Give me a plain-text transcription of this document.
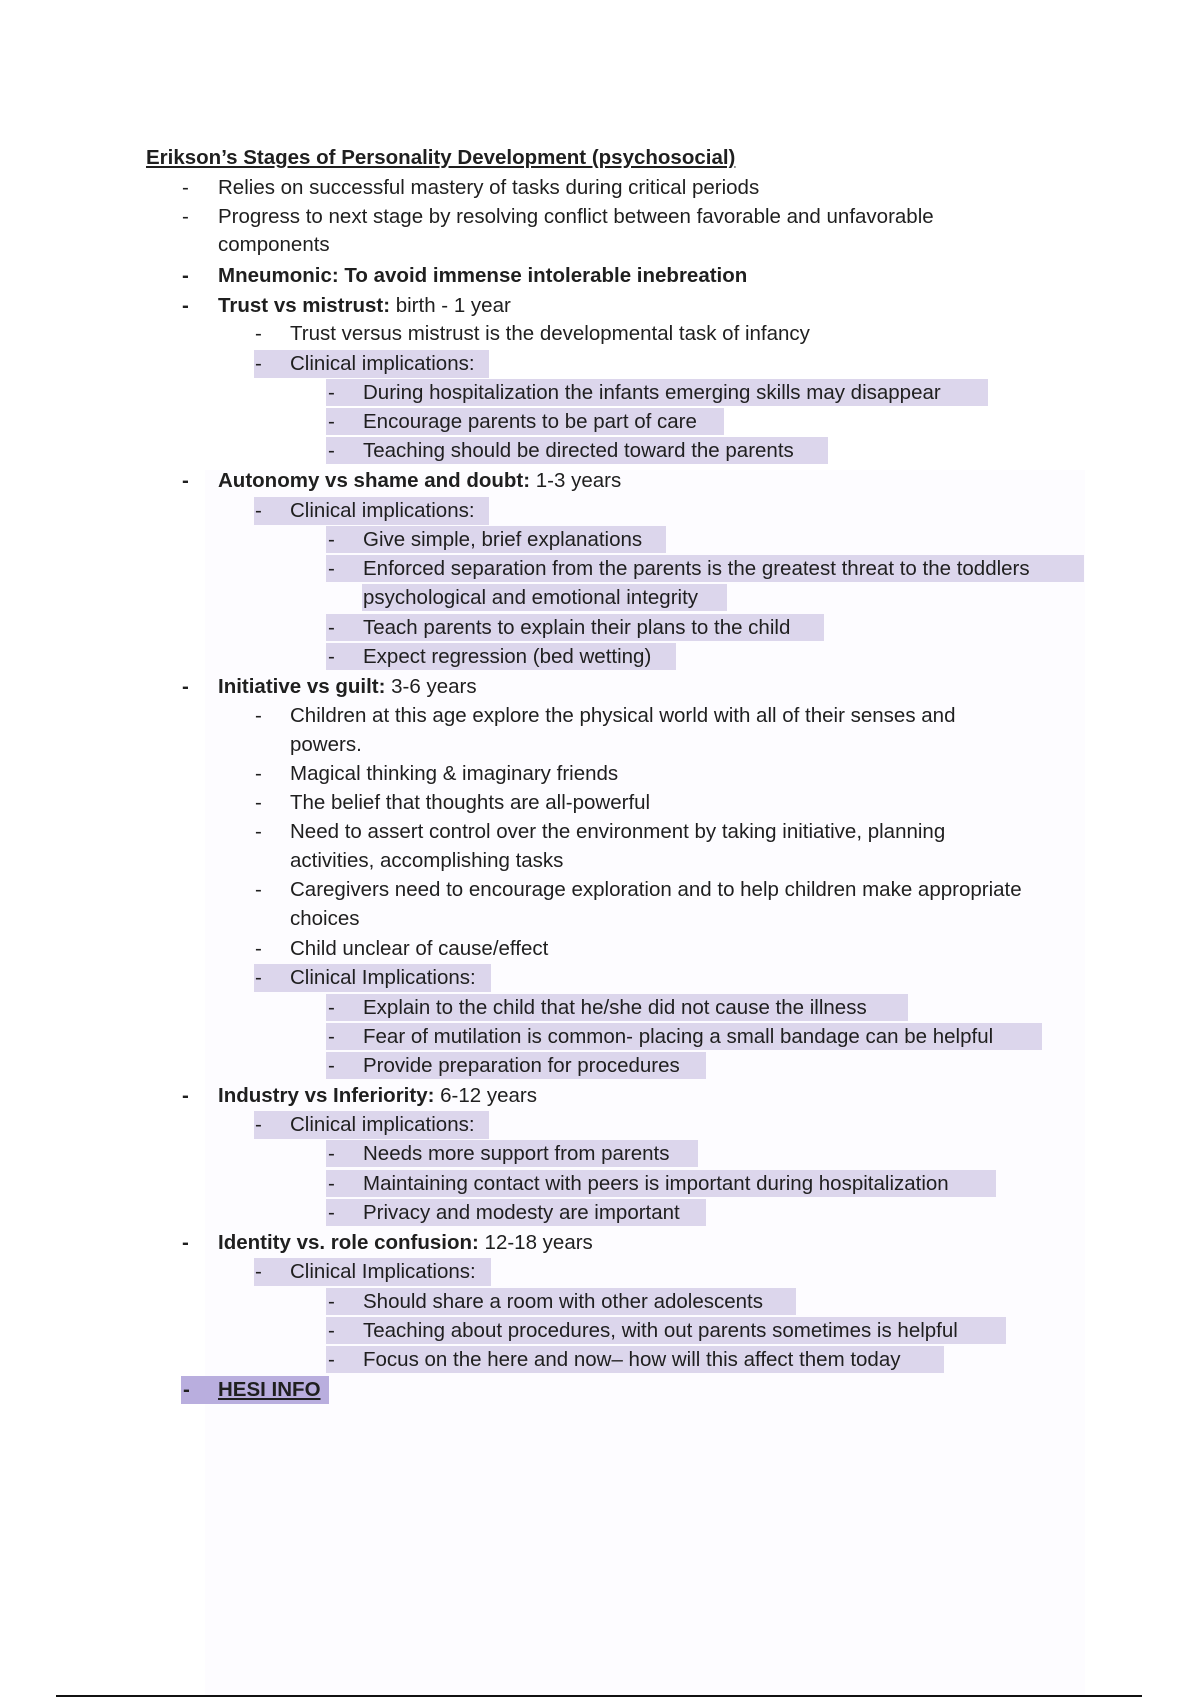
Erikson’s Stages of Personality Development (psychosocial)
- Relies on successful mastery of tasks during critical periods
- Progress to next stage by resolving conflict between favorable and unfavorable
components
- Mneumonic: To avoid immense intolerable inebreation
- Trust vs mistrust: birth - 1 year
- Trust versus mistrust is the developmental task of infancy
- Clinical implications:
- During hospitalization the infants emerging skills may disappear
- Encourage parents to be part of care
- Teaching should be directed toward the parents
- Autonomy vs shame and doubt: 1-3 years
- Clinical implications:
- Give simple, brief explanations
- Enforced separation from the parents is the greatest threat to the toddlers
psychological and emotional integrity
- Teach parents to explain their plans to the child
- Expect regression (bed wetting)
- Initiative vs guilt: 3-6 years
- Children at this age explore the physical world with all of their senses and
powers.
- Magical thinking & imaginary friends
- The belief that thoughts are all-powerful
- Need to assert control over the environment by taking initiative, planning
activities, accomplishing tasks
- Caregivers need to encourage exploration and to help children make appropriate
choices
- Child unclear of cause/effect
- Clinical Implications:
- Explain to the child that he/she did not cause the illness
- Fear of mutilation is common- placing a small bandage can be helpful
- Provide preparation for procedures
- Industry vs Inferiority: 6-12 years
- Clinical implications:
- Needs more support from parents
- Maintaining contact with peers is important during hospitalization
- Privacy and modesty are important
- Identity vs. role confusion: 12-18 years
- Clinical Implications:
- Should share a room with other adolescents
- Teaching about procedures, with out parents sometimes is helpful
- Focus on the here and now– how will this affect them today
- HESI INFO
